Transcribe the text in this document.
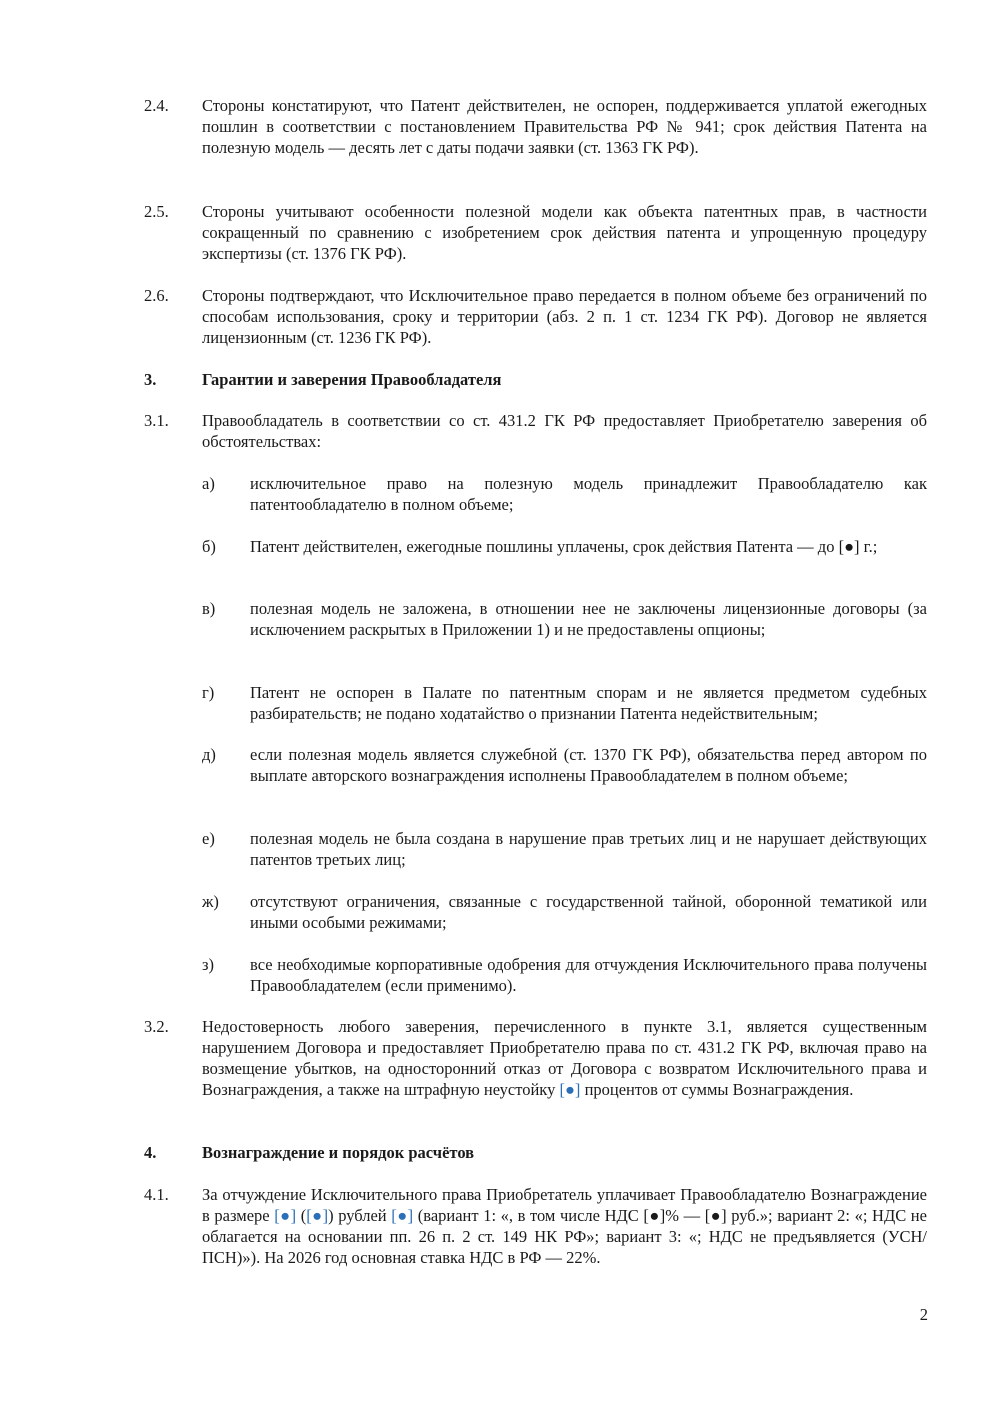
2.4. Стороны констатируют, что Патент действителен, не оспорен, поддерживается уплатой ежегодных пошлин в соответствии с постановлением Правительства РФ № 941; срок действия Патента на полезную модель — десять лет с даты подачи заявки (ст. 1363 ГК РФ).
2.5. Стороны учитывают особенности полезной модели как объекта патентных прав, в частности сокращенный по сравнению с изобретением срок действия патента и упрощенную процедуру экспертизы (ст. 1376 ГК РФ).
2.6. Стороны подтверждают, что Исключительное право передается в полном объеме без ограничений по способам использования, сроку и территории (абз. 2 п. 1 ст. 1234 ГК РФ). Договор не является лицензионным (ст. 1236 ГК РФ).
3.	Гарантии и заверения Правообладателя
3.1. Правообладатель в соответствии со ст. 431.2 ГК РФ предоставляет Приобретателю заверения об обстоятельствах:
а) исключительное право на полезную модель принадлежит Правообладателю как патентообладателю в полном объеме;
б) Патент действителен, ежегодные пошлины уплачены, срок действия Патента — до [●] г.;
в) полезная модель не заложена, в отношении нее не заключены лицензионные договоры (за исключением раскрытых в Приложении 1) и не предоставлены опционы;
г) Патент не оспорен в Палате по патентным спорам и не является предметом судебных разбирательств; не подано ходатайство о признании Патента недействительным;
д) если полезная модель является служебной (ст. 1370 ГК РФ), обязательства перед автором по выплате авторского вознаграждения исполнены Правообладателем в полном объеме;
е) полезная модель не была создана в нарушение прав третьих лиц и не нарушает действующих патентов третьих лиц;
ж) отсутствуют ограничения, связанные с государственной тайной, оборонной тематикой или иными особыми режимами;
з) все необходимые корпоративные одобрения для отчуждения Исключительного права получены Правообладателем (если применимо).
3.2. Недостоверность любого заверения, перечисленного в пункте 3.1, является существенным нарушением Договора и предоставляет Приобретателю права по ст. 431.2 ГК РФ, включая право на возмещение убытков, на односторонний отказ от Договора с возвратом Исключительного права и Вознаграждения, а также на штрафную неустойку [●] процентов от суммы Вознаграждения.
4.	Вознаграждение и порядок расчётов
4.1. За отчуждение Исключительного права Приобретатель уплачивает Правообладателю Вознаграждение в размере [●] ([●]) рублей [●] (вариант 1: «, в том числе НДС [●]% — [●] руб.»; вариант 2: «; НДС не облагается на основании пп. 26 п. 2 ст. 149 НК РФ»; вариант 3: «; НДС не предъявляется (УСН/ПСН)»). На 2026 год основная ставка НДС в РФ — 22%.
2
